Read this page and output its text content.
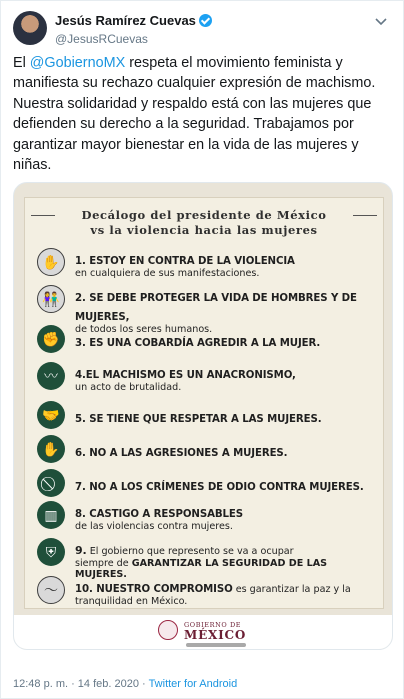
Jesús Ramírez Cuevas
@JesusRCuevas
El @GobiernoMX respeta el movimiento feminista y manifiesta su rechazo cualquier expresión de machismo. Nuestra solidaridad y respaldo está con las mujeres que defienden su derecho a la seguridad. Trabajamos por garantizar mayor bienestar en la vida de las mujeres y niñas.
Decálogo del presidente de México
vs la violencia hacia las mujeres
✋	1. ESTOY EN CONTRA DE LA VIOLENCIA
en cualquiera de sus manifestaciones.
👫	2. SE DEBE PROTEGER LA VIDA DE HOMBRES Y DE MUJERES,
de todos los seres humanos.
✊	3. ES UNA COBARDÍA AGREDIR A LA MUJER.
〰	4.EL MACHISMO ES UN ANACRONISMO,
un acto de brutalidad.
🤝	5. SE TIENE QUE RESPETAR A LAS MUJERES.
✋	6. NO A LAS AGRESIONES A MUJERES.
7. NO A LOS CRÍMENES DE ODIO CONTRA MUJERES.
▥	8. CASTIGO A RESPONSABLES
de las violencias contra mujeres.
⛨	9. El gobierno que represento se va a ocupar
siempre de GARANTIZAR LA SEGURIDAD DE LAS MUJERES.
〜	10. NUESTRO COMPROMISO es garantizar la paz y la
tranquilidad en México.
GOBIERNO DE
MÉXICO
12:48 p. m. · 14 feb. 2020 · Twitter for Android
